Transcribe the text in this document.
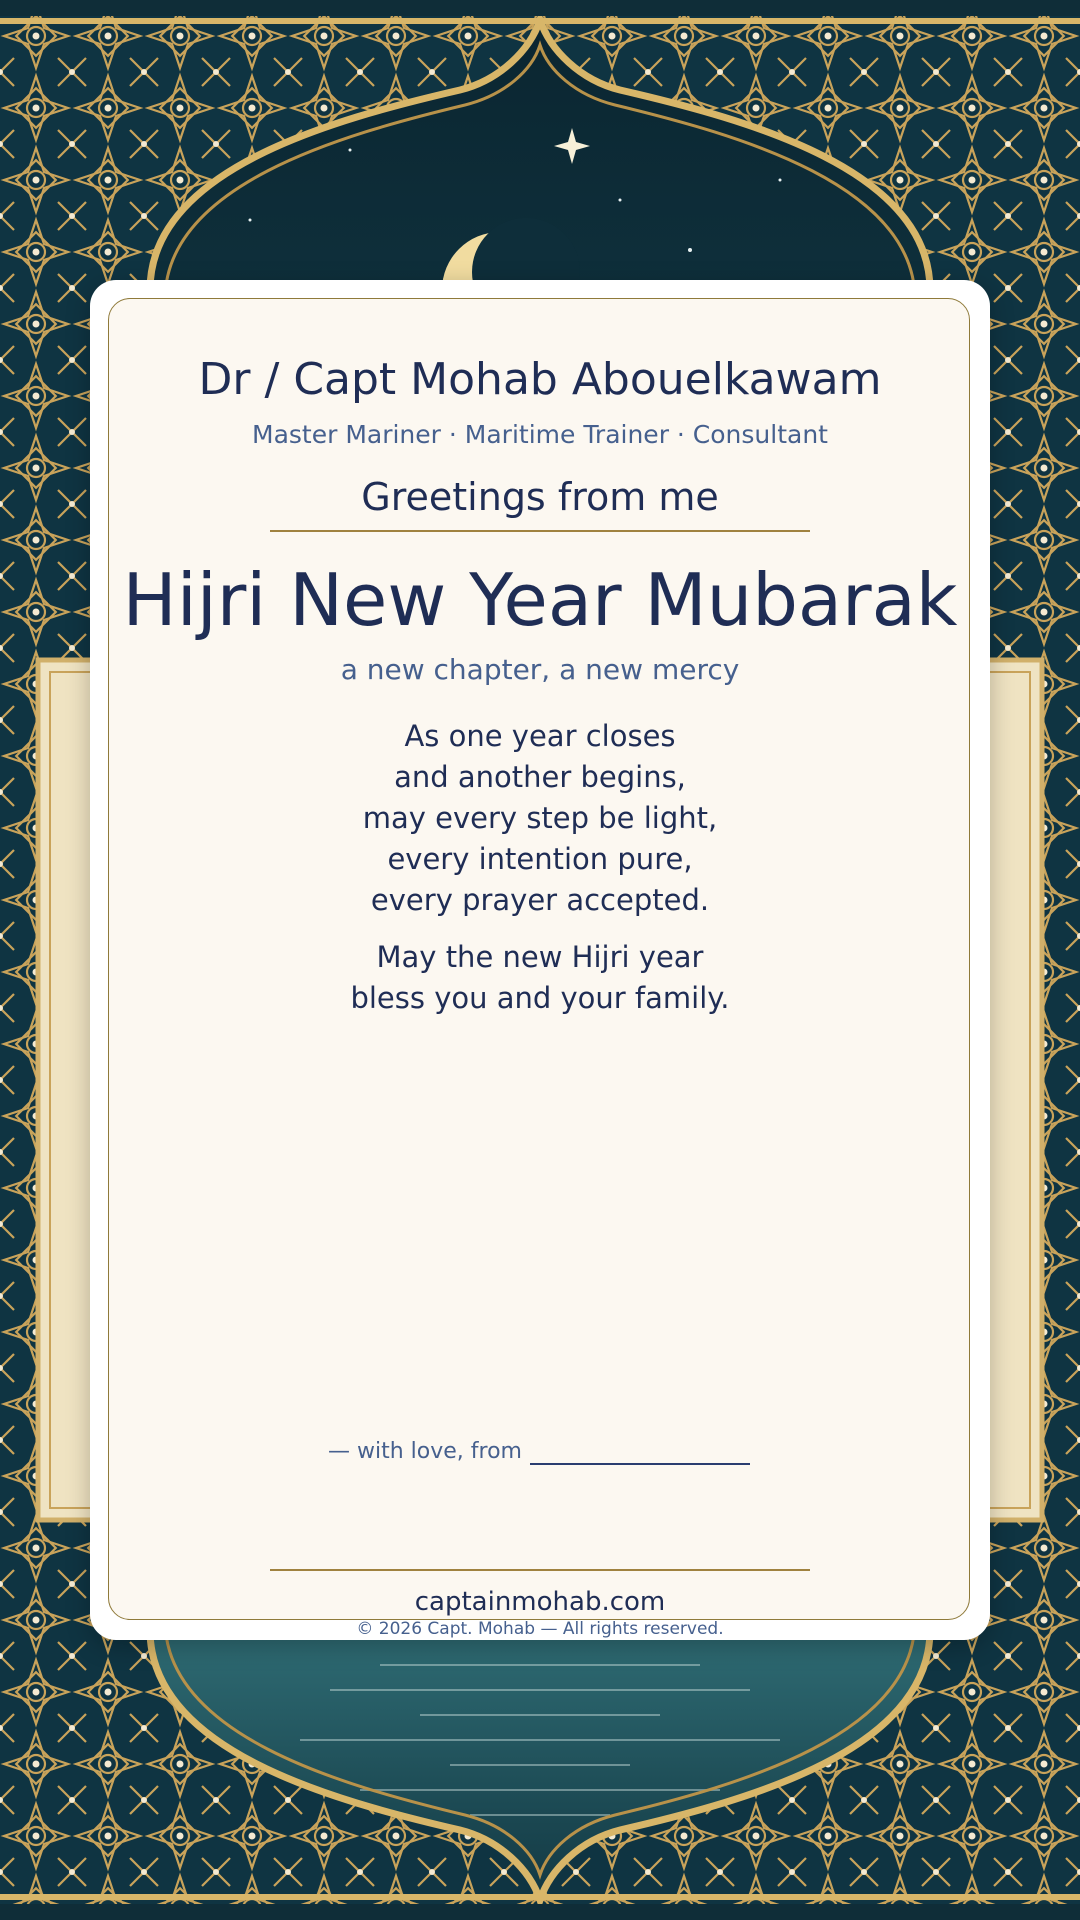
Dr / Capt Mohab Abouelkawam
Master Mariner · Maritime Trainer · Consultant
Greetings from me
Hijri New Year Mubarak
a new chapter, a new mercy
As one year closes
and another begins,
may every step be light,
every intention pure,
every prayer accepted.
May the new Hijri year
bless you and your family.
— with love, from
captainmohab.com
© 2026 Capt. Mohab — All rights reserved.
